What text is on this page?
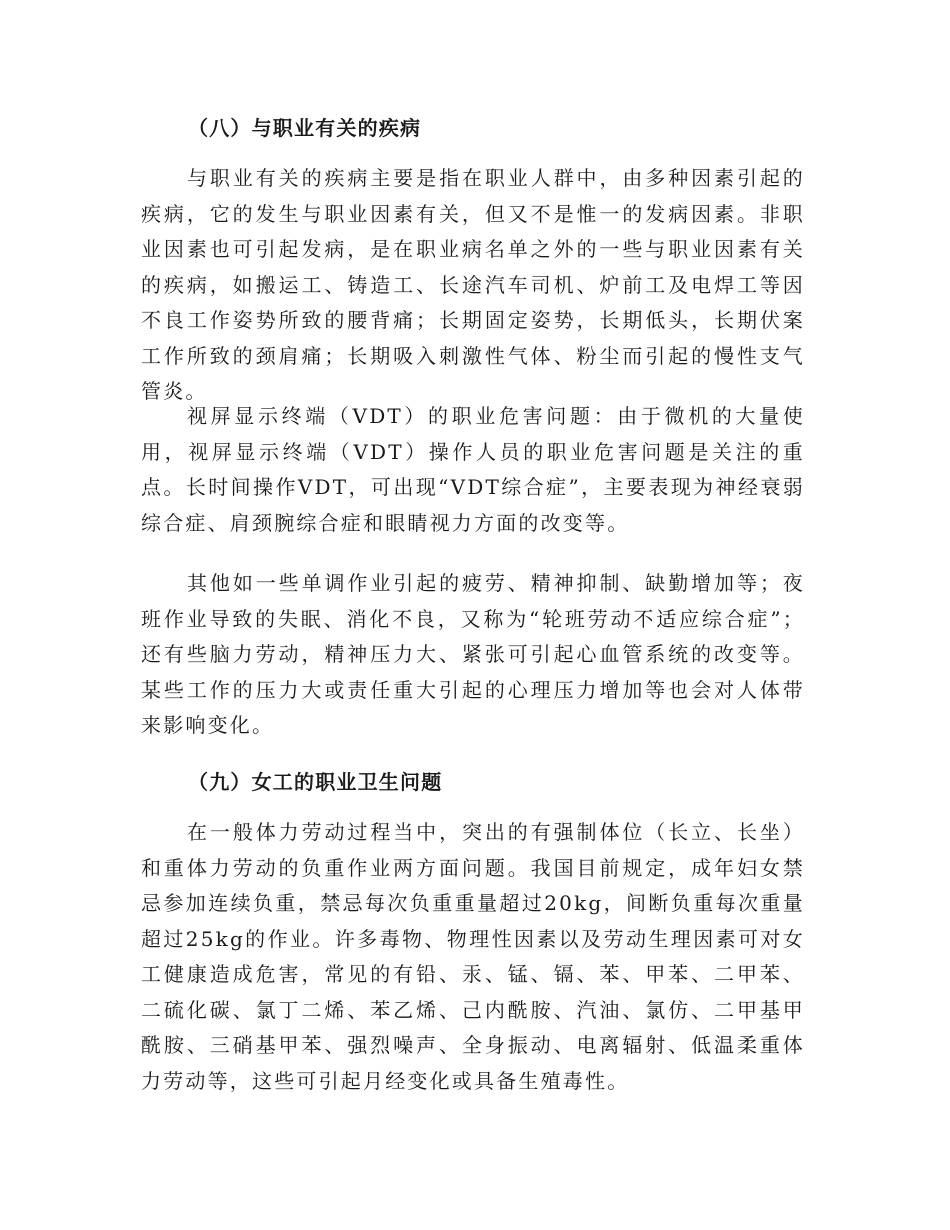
（八）与职业有关的疾病

与职业有关的疾病主要是指在职业人群中，由多种因素引起的疾病，它的发生与职业因素有关，但又不是惟一的发病因素。非职业因素也可引起发病，是在职业病名单之外的一些与职业因素有关的疾病，如搬运工、铸造工、长途汽车司机、炉前工及电焊工等因不良工作姿势所致的腰背痛；长期固定姿势，长期低头，长期伏案工作所致的颈肩痛；长期吸入刺激性气体、粉尘而引起的慢性支气管炎。

视屏显示终端（VDT）的职业危害问题：由于微机的大量使用，视屏显示终端（VDT）操作人员的职业危害问题是关注的重点。长时间操作VDT，可出现“VDT综合症”，主要表现为神经衰弱综合症、肩颈腕综合症和眼睛视力方面的改变等。

其他如一些单调作业引起的疲劳、精神抑制、缺勤增加等；夜班作业导致的失眠、消化不良，又称为“轮班劳动不适应综合症”；还有些脑力劳动，精神压力大、紧张可引起心血管系统的改变等。某些工作的压力大或责任重大引起的心理压力增加等也会对人体带来影响变化。

（九）女工的职业卫生问题

在一般体力劳动过程当中，突出的有强制体位（长立、长坐）和重体力劳动的负重作业两方面问题。我国目前规定，成年妇女禁忌参加连续负重，禁忌每次负重重量超过20kg，间断负重每次重量超过25kg的作业。许多毒物、物理性因素以及劳动生理因素可对女工健康造成危害，常见的有铅、汞、锰、镉、苯、甲苯、二甲苯、二硫化碳、氯丁二烯、苯乙烯、己内酰胺、汽油、氯仿、二甲基甲酰胺、三硝基甲苯、强烈噪声、全身振动、电离辐射、低温柔重体力劳动等，这些可引起月经变化或具备生殖毒性。
